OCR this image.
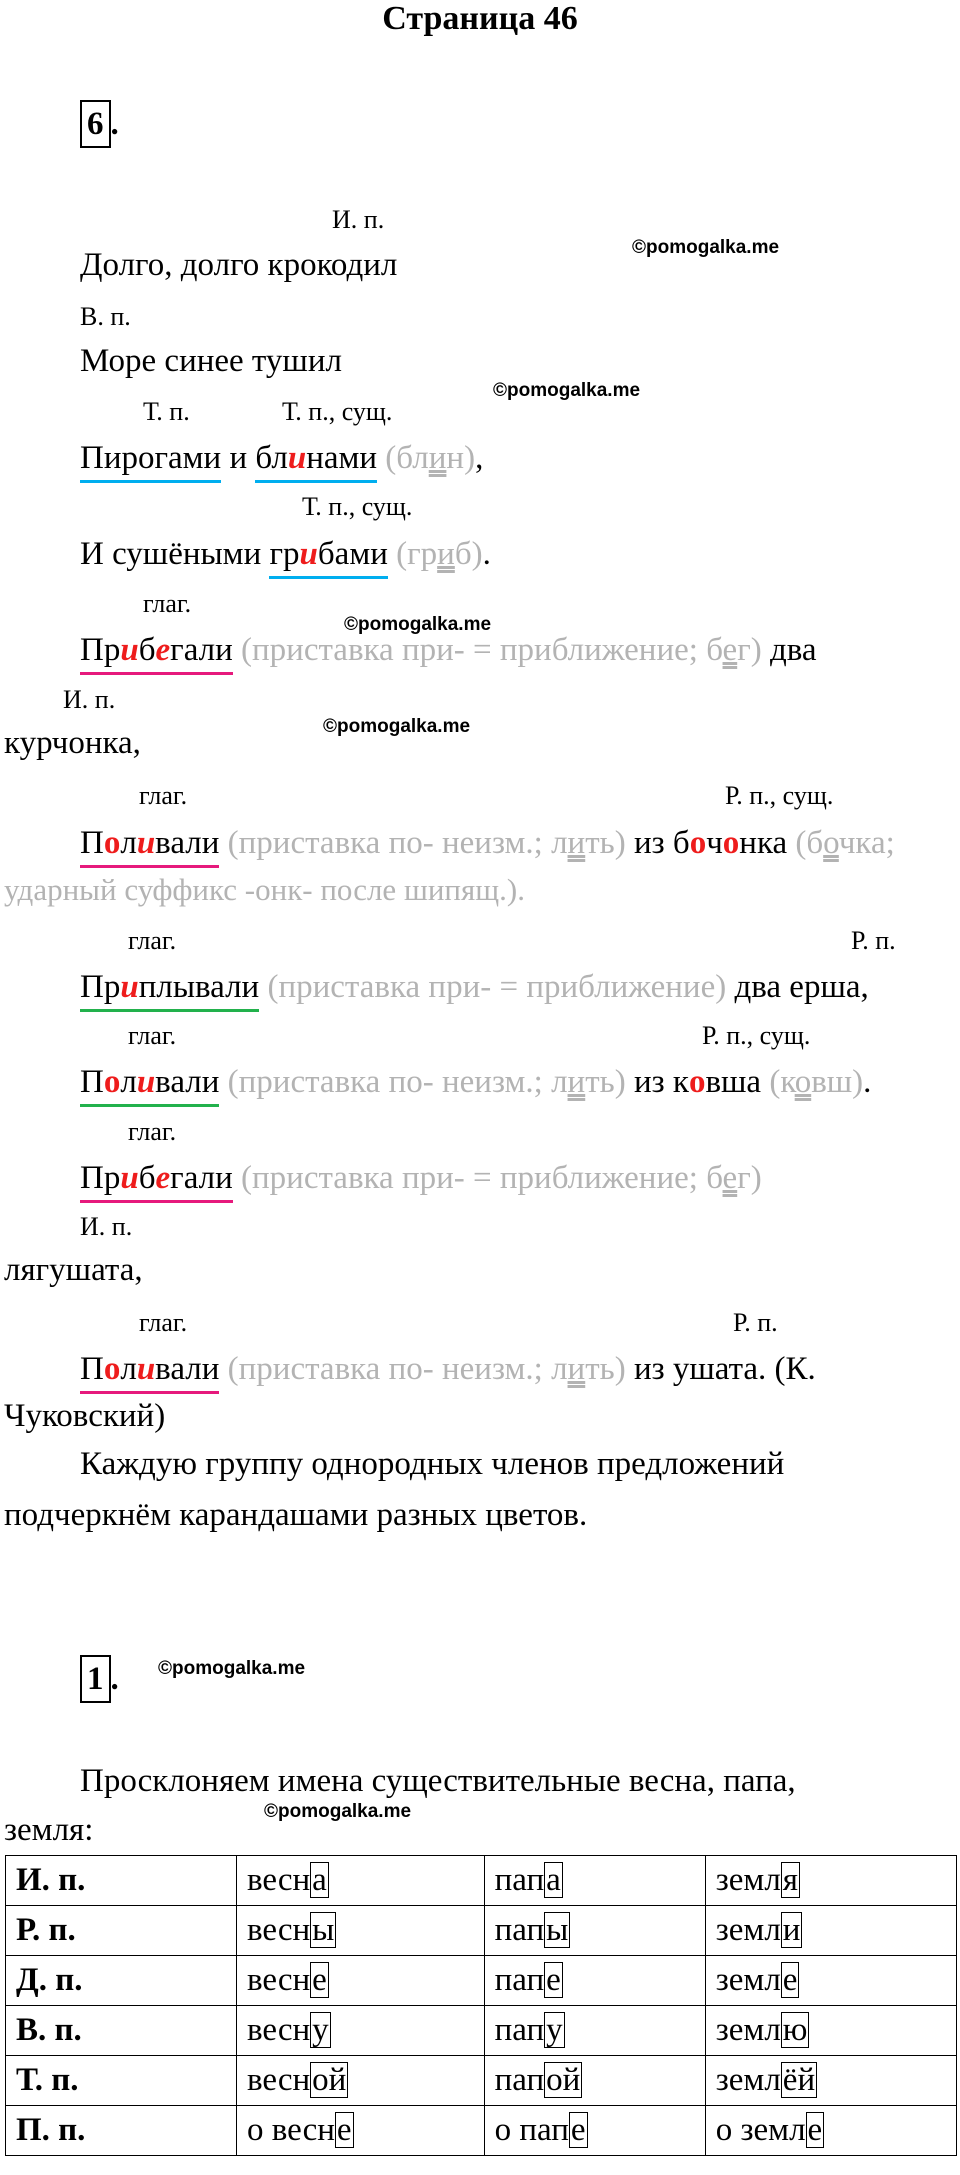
Страница 46
6 .
©pomogalka.me
©pomogalka.me
©pomogalka.me
©pomogalka.me
И. п.
Долго, долго крокодил
В. п.
Море синее тушил
Т. п.	Т. п., сущ.
Пирогами и блинами (блин),
Т. п., сущ.
И сушёными грибами (гриб).
глаг.
Прибегали (приставка при- = приближение; бег) два
И. п.
курчонка,
глаг.	Р. п., сущ.
Поливали (приставка по- неизм.; лить) из бочонка (бочка;
ударный суффикс -онк- после шипящ.).
глаг.	Р. п.
Приплывали (приставка при- = приближение) два ерша,
глаг.	Р. п., сущ.
Поливали (приставка по- неизм.; лить) из ковша (ковш).
глаг.
Прибегали (приставка при- = приближение; бег)
И. п.
лягушата,
глаг.	Р. п.
Поливали (приставка по- неизм.; лить) из ушата. (К.
Чуковский)
Каждую группу однородных членов предложений
подчеркнём карандашами разных цветов.
1 . ©pomogalka.me
Просклоняем имена существительные весна, папа,
©pomogalka.me
земля:
И. п.	весна	папа	земля
Р. п.	весны	папы	земли
Д. п.	весне	папе	земле
В. п.	весну	папу	землю
Т. п.	весной	папой	землёй
П. п.	о весне	о папе	о земле
